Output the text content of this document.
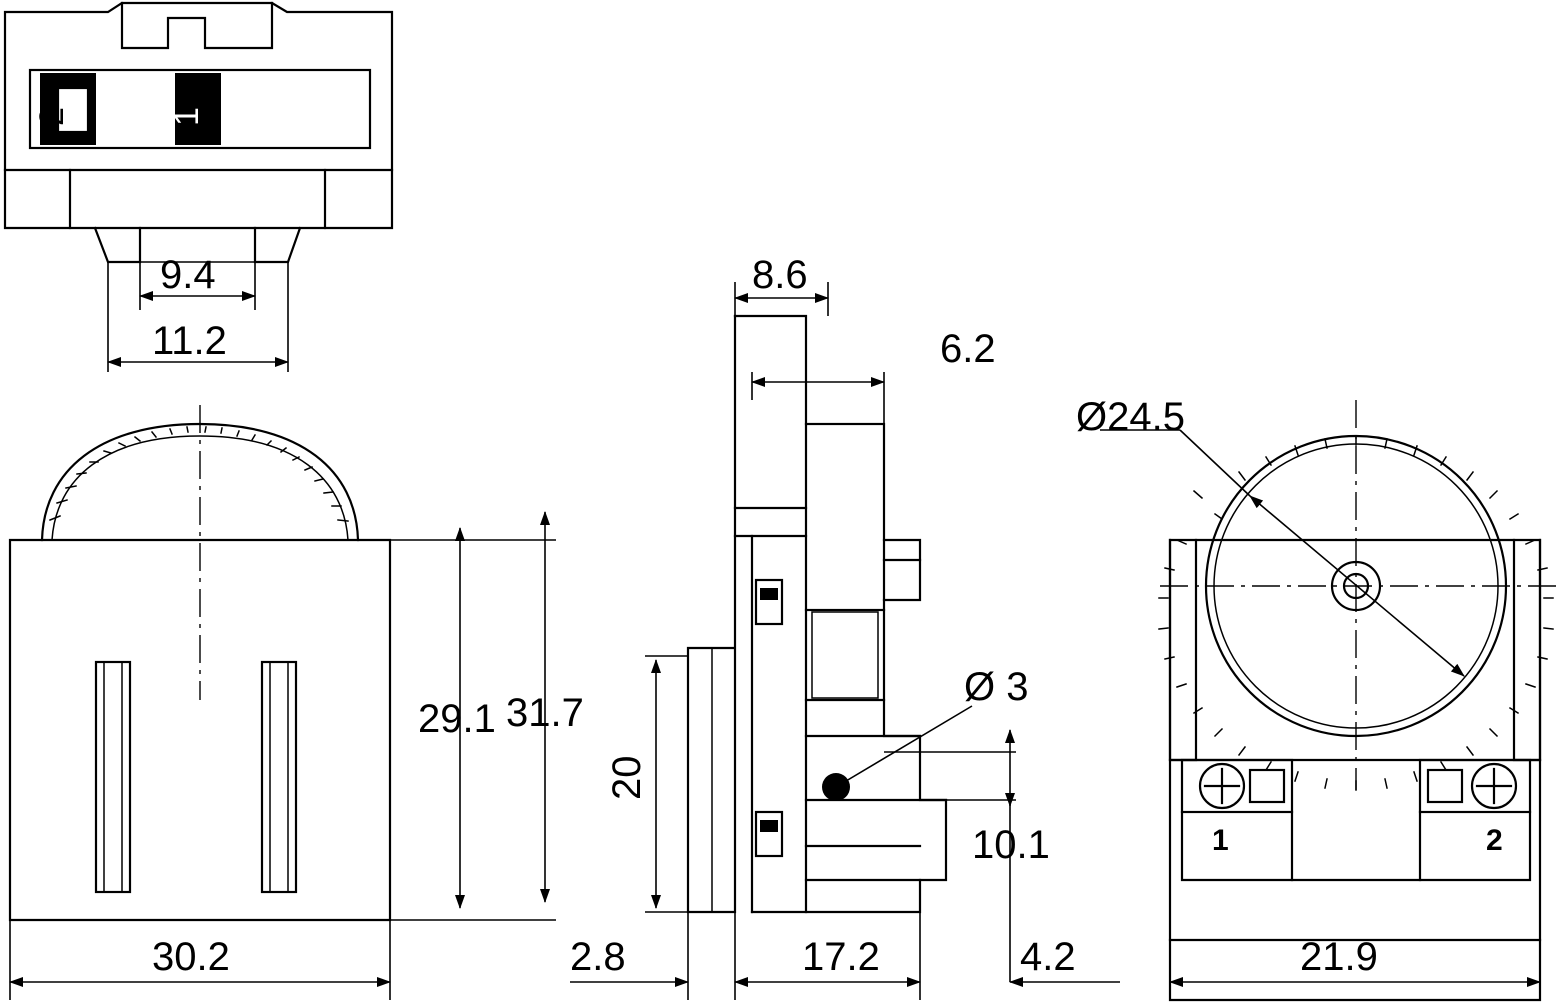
2	1
9.4
11.2
29.1 31.7
30.2
8.6
6.2
20
Ø 3
10.1
2.8	17.2	4.2
Ø24.5
21.9
1	2
